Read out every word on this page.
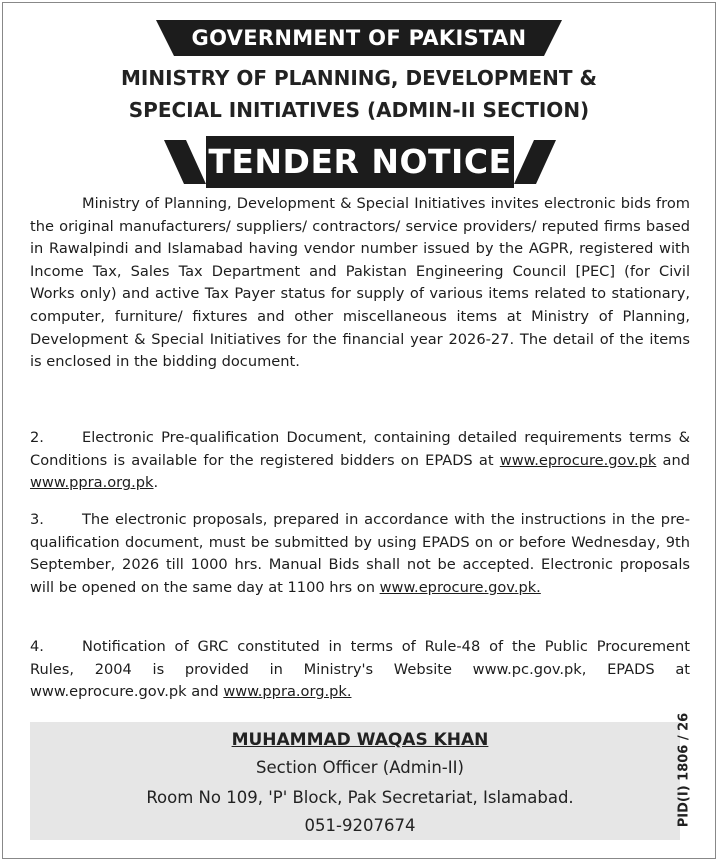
GOVERNMENT OF PAKISTAN
MINISTRY OF PLANNING, DEVELOPMENT &
SPECIAL INITIATIVES (ADMIN-II SECTION)
TENDER NOTICE
Ministry of Planning, Development & Special Initiatives invites electronic bids from the original manufacturers/ suppliers/ contractors/ service providers/ reputed firms based in Rawalpindi and Islamabad having vendor number issued by the AGPR, registered with Income Tax, Sales Tax Department and Pakistan Engineering Council [PEC] (for Civil Works only) and active Tax Payer status for supply of various items related to stationary, computer, furniture/ fixtures and other miscellaneous items at Ministry of Planning, Development & Special Initiatives for the financial year 2026-27. The detail of the items is enclosed in the bidding document.
2.	Electronic Pre-qualification Document, containing detailed requirements terms & Conditions is available for the registered bidders on EPADS at www.eprocure.gov.pk and www.ppra.org.pk.
3.	The electronic proposals, prepared in accordance with the instructions in the pre-qualification document, must be submitted by using EPADS on or before Wednesday, 9th September, 2026 till 1000 hrs. Manual Bids shall not be accepted. Electronic proposals will be opened on the same day at 1100 hrs on www.eprocure.gov.pk.
4.	Notification of GRC constituted in terms of Rule-48 of the Public Procurement Rules, 2004 is provided in Ministry's Website www.pc.gov.pk, EPADS at www.eprocure.gov.pk and www.ppra.org.pk.
MUHAMMAD WAQAS KHAN
Section Officer (Admin-II)
Room No 109, 'P' Block, Pak Secretariat, Islamabad.
051-9207674	PID(I) 1806 / 26
